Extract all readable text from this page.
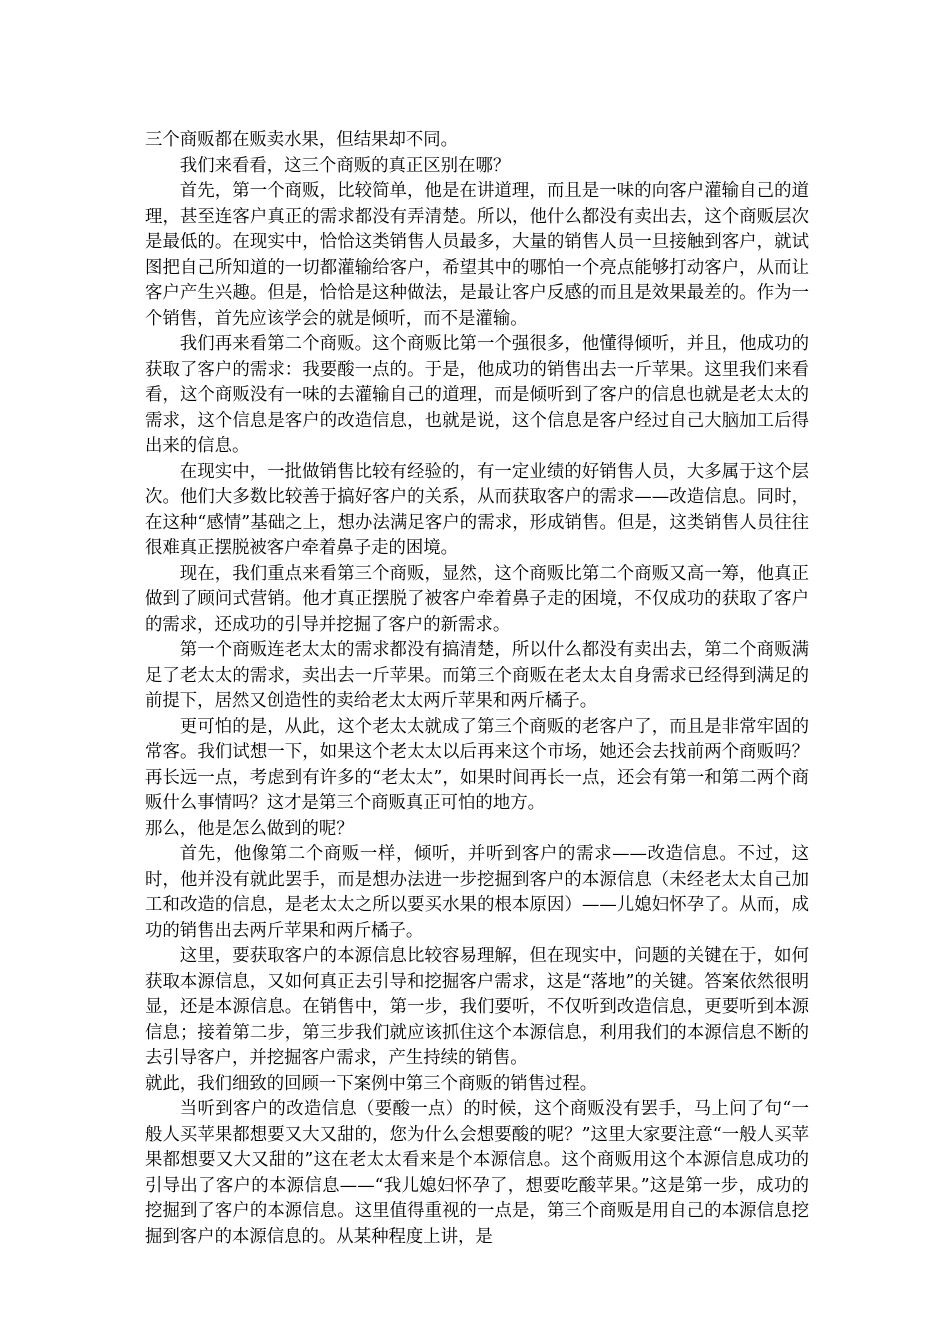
三个商贩都在贩卖水果，但结果却不同。

我们来看看，这三个商贩的真正区别在哪？

首先，第一个商贩，比较简单，他是在讲道理，而且是一味的向客户灌输自己的道理，甚至连客户真正的需求都没有弄清楚。所以，他什么都没有卖出去，这个商贩层次是最低的。在现实中，恰恰这类销售人员最多，大量的销售人员一旦接触到客户，就试图把自己所知道的一切都灌输给客户，希望其中的哪怕一个亮点能够打动客户，从而让客户产生兴趣。但是，恰恰是这种做法，是最让客户反感的而且是效果最差的。作为一个销售，首先应该学会的就是倾听，而不是灌输。

我们再来看第二个商贩。这个商贩比第一个强很多，他懂得倾听，并且，他成功的获取了客户的需求：我要酸一点的。于是，他成功的销售出去一斤苹果。这里我们来看看，这个商贩没有一味的去灌输自己的道理，而是倾听到了客户的信息也就是老太太的需求，这个信息是客户的改造信息，也就是说，这个信息是客户经过自己大脑加工后得出来的信息。

在现实中，一批做销售比较有经验的，有一定业绩的好销售人员，大多属于这个层次。他们大多数比较善于搞好客户的关系，从而获取客户的需求——改造信息。同时，在这种“感情”基础之上，想办法满足客户的需求，形成销售。但是，这类销售人员往往很难真正摆脱被客户牵着鼻子走的困境。

现在，我们重点来看第三个商贩，显然，这个商贩比第二个商贩又高一筹，他真正做到了顾问式营销。他才真正摆脱了被客户牵着鼻子走的困境，不仅成功的获取了客户的需求，还成功的引导并挖掘了客户的新需求。

第一个商贩连老太太的需求都没有搞清楚，所以什么都没有卖出去，第二个商贩满足了老太太的需求，卖出去一斤苹果。而第三个商贩在老太太自身需求已经得到满足的前提下，居然又创造性的卖给老太太两斤苹果和两斤橘子。

更可怕的是，从此，这个老太太就成了第三个商贩的老客户了，而且是非常牢固的常客。我们试想一下，如果这个老太太以后再来这个市场，她还会去找前两个商贩吗？再长远一点，考虑到有许多的“老太太”，如果时间再长一点，还会有第一和第二两个商贩什么事情吗？这才是第三个商贩真正可怕的地方。

那么，他是怎么做到的呢？

首先，他像第二个商贩一样，倾听，并听到客户的需求——改造信息。不过，这时，他并没有就此罢手，而是想办法进一步挖掘到客户的本源信息（未经老太太自己加工和改造的信息，是老太太之所以要买水果的根本原因）——儿媳妇怀孕了。从而，成功的销售出去两斤苹果和两斤橘子。

这里，要获取客户的本源信息比较容易理解，但在现实中，问题的关键在于，如何获取本源信息，又如何真正去引导和挖掘客户需求，这是“落地”的关键。答案依然很明显，还是本源信息。在销售中，第一步，我们要听，不仅听到改造信息，更要听到本源信息；接着第二步，第三步我们就应该抓住这个本源信息，利用我们的本源信息不断的去引导客户，并挖掘客户需求，产生持续的销售。

就此，我们细致的回顾一下案例中第三个商贩的销售过程。

当听到客户的改造信息（要酸一点）的时候，这个商贩没有罢手，马上问了句“一般人买苹果都想要又大又甜的，您为什么会想要酸的呢？”这里大家要注意“一般人买苹果都想要又大又甜的”这在老太太看来是个本源信息。这个商贩用这个本源信息成功的引导出了客户的本源信息——“我儿媳妇怀孕了，想要吃酸苹果。”这是第一步，成功的挖掘到了客户的本源信息。这里值得重视的一点是，第三个商贩是用自己的本源信息挖掘到客户的本源信息的。从某种程度上讲，是
